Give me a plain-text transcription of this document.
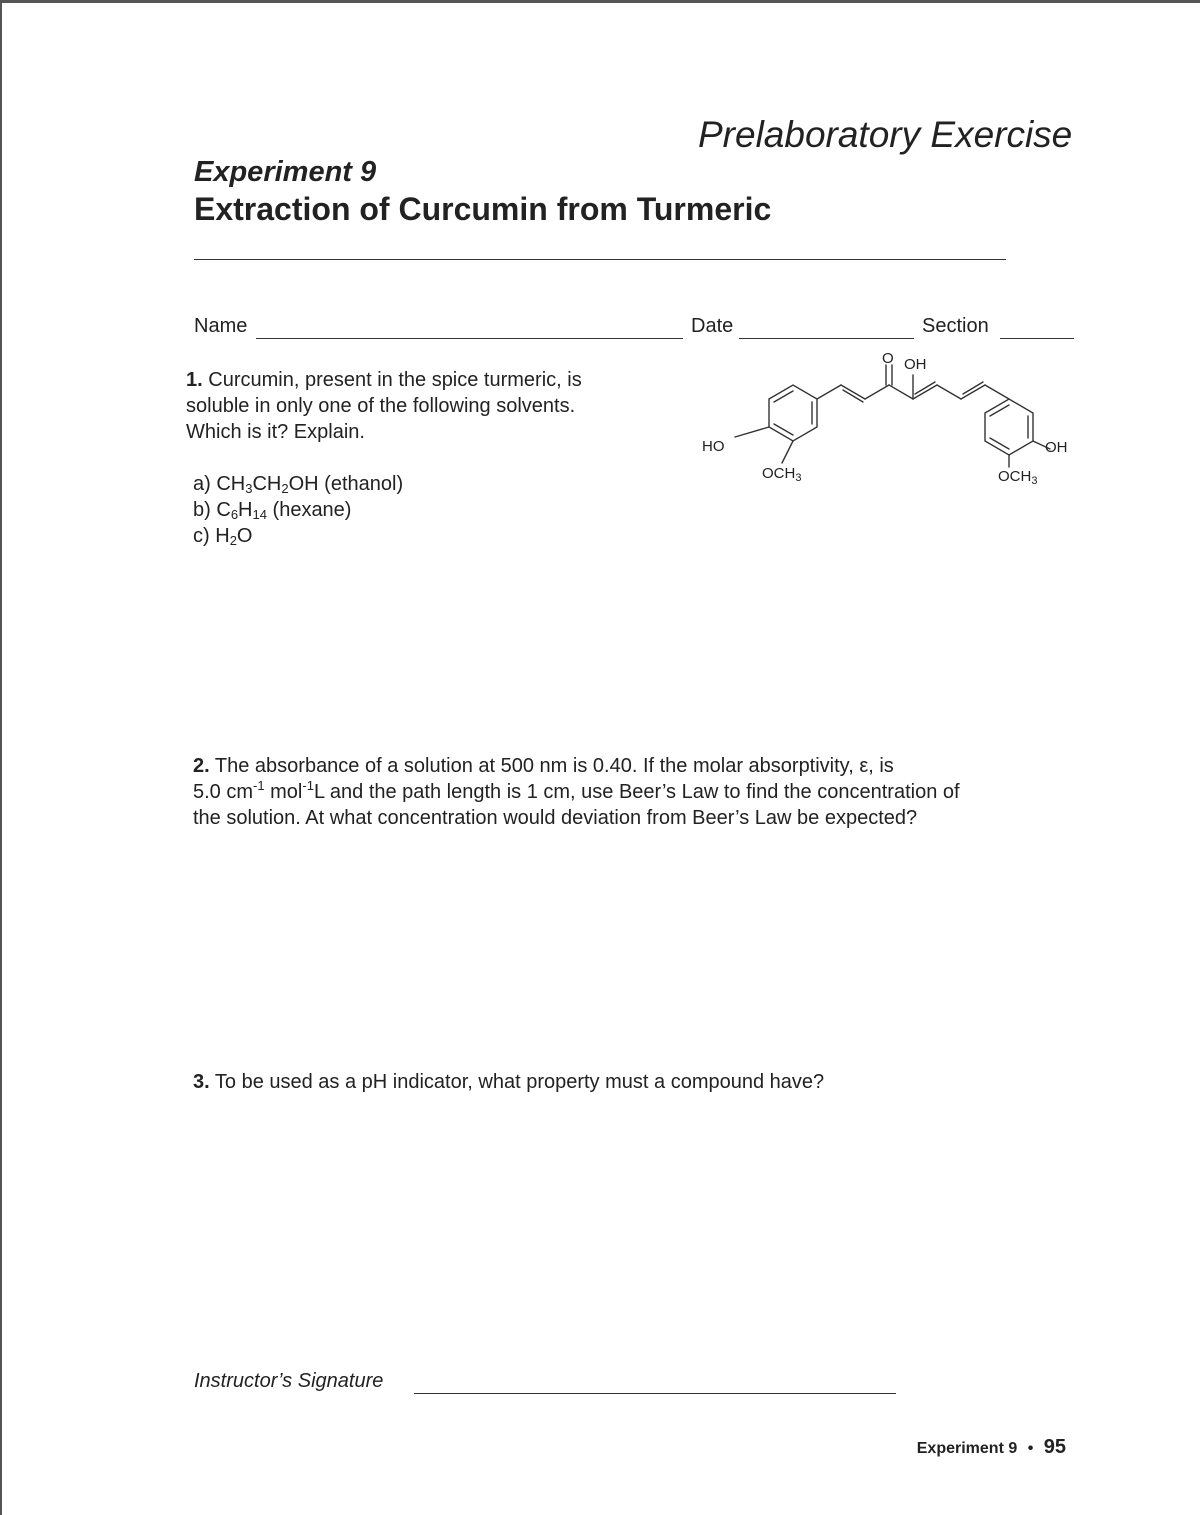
Prelaboratory Exercise
Experiment 9
Extraction of Curcumin from Turmeric
Name	Date	Section
1. Curcumin, present in the spice turmeric, is
soluble in only one of the following solvents.
Which is it? Explain.
a) $CH_3CH_2OH$ (ethanol)
b) $C_6H_{14}$ (hexane)
c) $H_2O$
O OH
HO
$OCH_3$
OH
$OCH_3$
2. The absorbance of a solution at 500 nm is 0.40. If the molar absorptivity, ε, is
5.0 $cm^{-1}$ mol$^{-1}$L and the path length is 1 cm, use Beer’s Law to find the concentration of
the solution. At what concentration would deviation from Beer’s Law be expected?
3. To be used as a pH indicator, what property must a compound have?
Instructor’s Signature
Experiment 9 • 95
